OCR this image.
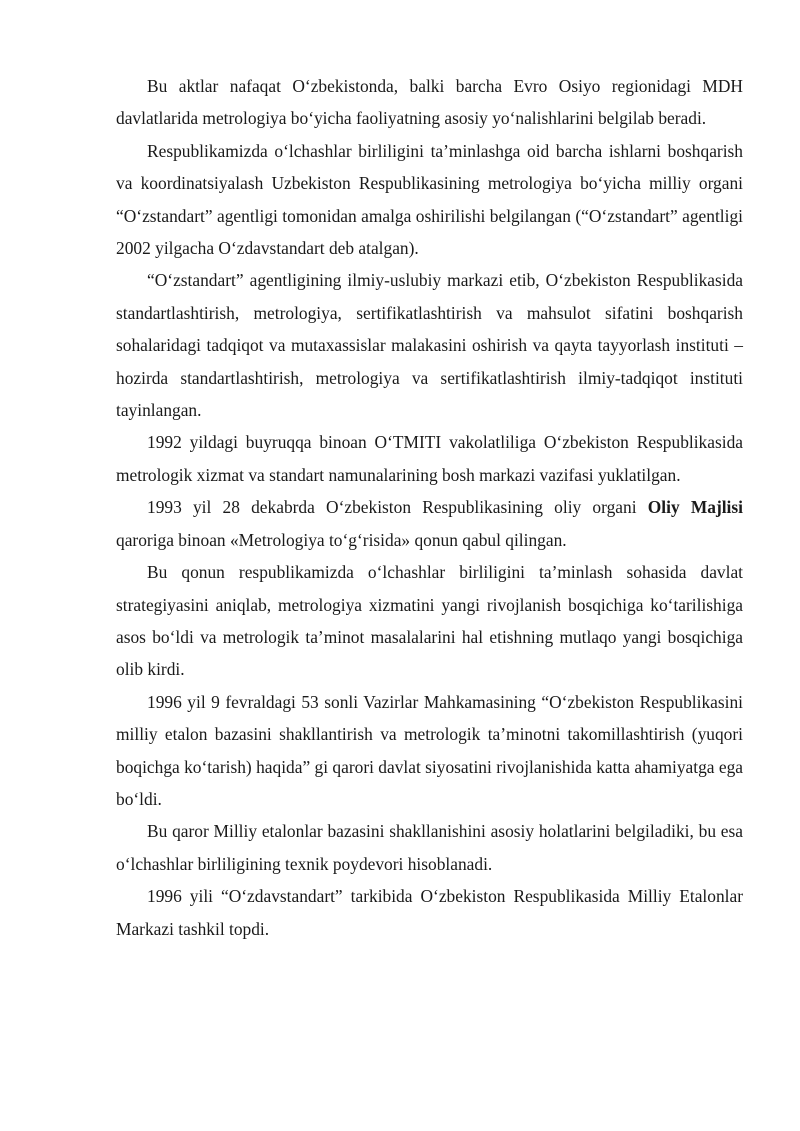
Bu aktlar nafaqat O‘zbekistonda, balki barcha Evro Osiyo regionidagi MDH davlatlarida metrologiya bo‘yicha faoliyatning asosiy yo‘nalishlarini belgilab beradi.

Respublikamizda o‘lchashlar birliligini ta’minlashga oid barcha ishlarni boshqarish va koordinatsiyalash Uzbekiston Respublikasining metrologiya bo‘yicha milliy organi “O‘zstandart” agentligi tomonidan amalga oshirilishi belgilangan (“O‘zstandart” agentligi 2002 yilgacha O‘zdavstandart deb atalgan).

“O‘zstandart” agentligining ilmiy-uslubiy markazi etib, O‘zbekiston Respublikasida standartlashtirish, metrologiya, sertifikatlashtirish va mahsulot sifatini boshqarish sohalaridagi tadqiqot va mutaxassislar malakasini oshirish va qayta tayyorlash instituti – hozirda standartlashtirish, metrologiya va sertifikatlashtirish ilmiy-tadqiqot instituti tayinlangan.

1992 yildagi buyruqqa binoan O‘TMITI vakolatliliga O‘zbekiston Respublikasida metrologik xizmat va standart namunalarining bosh markazi vazifasi yuklatilgan.

1993 yil 28 dekabrda O‘zbekiston Respublikasining oliy organi Oliy Majlisi qaroriga binoan «Metrologiya to‘g‘risida» qonun qabul qilingan.

Bu qonun respublikamizda o‘lchashlar birliligini ta’minlash sohasida davlat strategiyasini aniqlab, metrologiya xizmatini yangi rivojlanish bosqichiga ko‘tarilishiga asos bo‘ldi va metrologik ta’minot masalalarini hal etishning mutlaqo yangi bosqichiga olib kirdi.

1996 yil 9 fevraldagi 53 sonli Vazirlar Mahkamasining “O‘zbekiston Respublikasini milliy etalon bazasini shakllantirish va metrologik ta’minotni takomillashtirish (yuqori boqichga ko‘tarish) haqida” gi qarori davlat siyosatini rivojlanishida katta ahamiyatga ega bo‘ldi.

Bu qaror Milliy etalonlar bazasini shakllanishini asosiy holatlarini belgiladiki, bu esa o‘lchashlar birliligining texnik poydevori hisoblanadi.

1996 yili “O‘zdavstandart” tarkibida O‘zbekiston Respublikasida Milliy Etalonlar Markazi tashkil topdi.
